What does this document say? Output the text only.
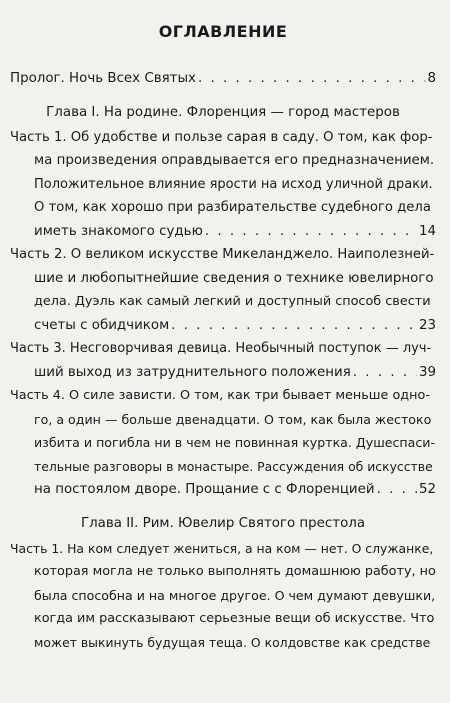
ОГЛАВЛЕНИЕ
Пролог. Ночь Всех Святых . . .	8
Глава I. На родине. Флоренция — город мастеров
Часть 1. Об удобстве и пользе сарая в саду. О том, как фор-
ма произведения оправдывается его предназначением.
Положительное влияние ярости на исход уличной драки.
О том, как хорошо при разбирательстве судебного дела
иметь знакомого судью . . .	14
Часть 2. О великом искусстве Микеланджело. Наиполезней-
шие и любопытнейшие сведения о технике ювелирного
дела. Дуэль как самый легкий и доступный способ свести
счеты с обидчиком . . .	23
Часть 3. Несговорчивая девица. Необычный поступок — луч-
ший выход из затруднительного положения . . .	39
Часть 4. О силе зависти. О том, как три бывает меньше одно-
го, а один — больше двенадцати. О том, как была жестоко
избита и погибла ни в чем не повинная куртка. Душеспаси-
тельные разговоры в монастыре. Рассуждения об искусстве
на постоялом дворе. Прощание с с Флоренцией . . .	52
Глава II. Рим. Ювелир Святого престола
Часть 1. На ком следует жениться, а на ком — нет. О служанке,
которая могла не только выполнять домашнюю работу, но
была способна и на многое другое. О чем думают девушки,
когда им рассказывают серьезные вещи об искусстве. Что
может выкинуть будущая теща. О колдовстве как средстве
